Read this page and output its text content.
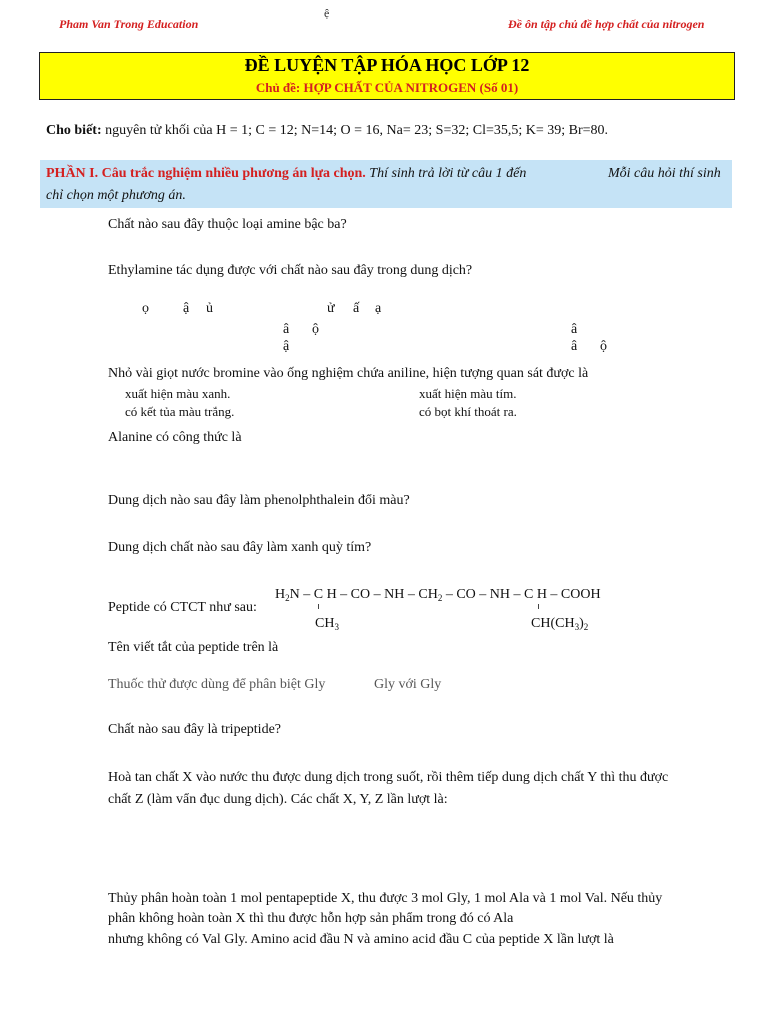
Pham Van Trong Education
ệ
Đề ôn tập chủ đề hợp chất của nitrogen
ĐỀ LUYỆN TẬP HÓA HỌC LỚP 12
Chủ đề: HỢP CHẤT CỦA NITROGEN (Số 01)
Cho biết: nguyên tử khối của H = 1; C = 12; N=14; O = 16, Na= 23; S=32; Cl=35,5; K= 39; Br=80.
PHẦN I. Câu trắc nghiệm nhiều phương án lựa chọn. Thí sinh trả lời từ câu 1 đến	Mỗi câu hỏi thí sinh
chỉ chọn một phương án.
Chất nào sau đây thuộc loại amine bậc ba?
Ethylamine tác dụng được với chất nào sau đây trong dung dịch?
ọ ậ ủ	ử ấ ạ
â ộ	â
ậ	â ộ
Nhỏ vài giọt nước bromine vào ống nghiệm chứa aniline, hiện tượng quan sát được là
xuất hiện màu xanh.	xuất hiện màu tím.
có kết tủa màu trắng.	có bọt khí thoát ra.
Alanine có công thức là
Dung dịch nào sau đây làm phenolphthalein đổi màu?
Dung dịch chất nào sau đây làm xanh quỳ tím?
Peptide có CTCT như sau:
$H_2N$ – C H – CO – NH – $CH_2$ – CO – NH – C H – COOH
$CH_3$	$CH(CH_3)_2$
Tên viết tắt của peptide trên là
Thuốc thử được dùng để phân biệt Gly	Gly với Gly
Chất nào sau đây là tripeptide?
Hoà tan chất X vào nước thu được dung dịch trong suốt, rồi thêm tiếp dung dịch chất Y thì thu được
chất Z (làm vẩn đục dung dịch). Các chất X, Y, Z lần lượt là:
Thủy phân hoàn toàn 1 mol pentapeptide X, thu được 3 mol Gly, 1 mol Ala và 1 mol Val. Nếu thủy
phân không hoàn toàn X thì thu được hỗn hợp sản phẩm trong đó có Ala
nhưng không có Val Gly. Amino acid đầu N và amino acid đầu C của peptide X lần lượt là
